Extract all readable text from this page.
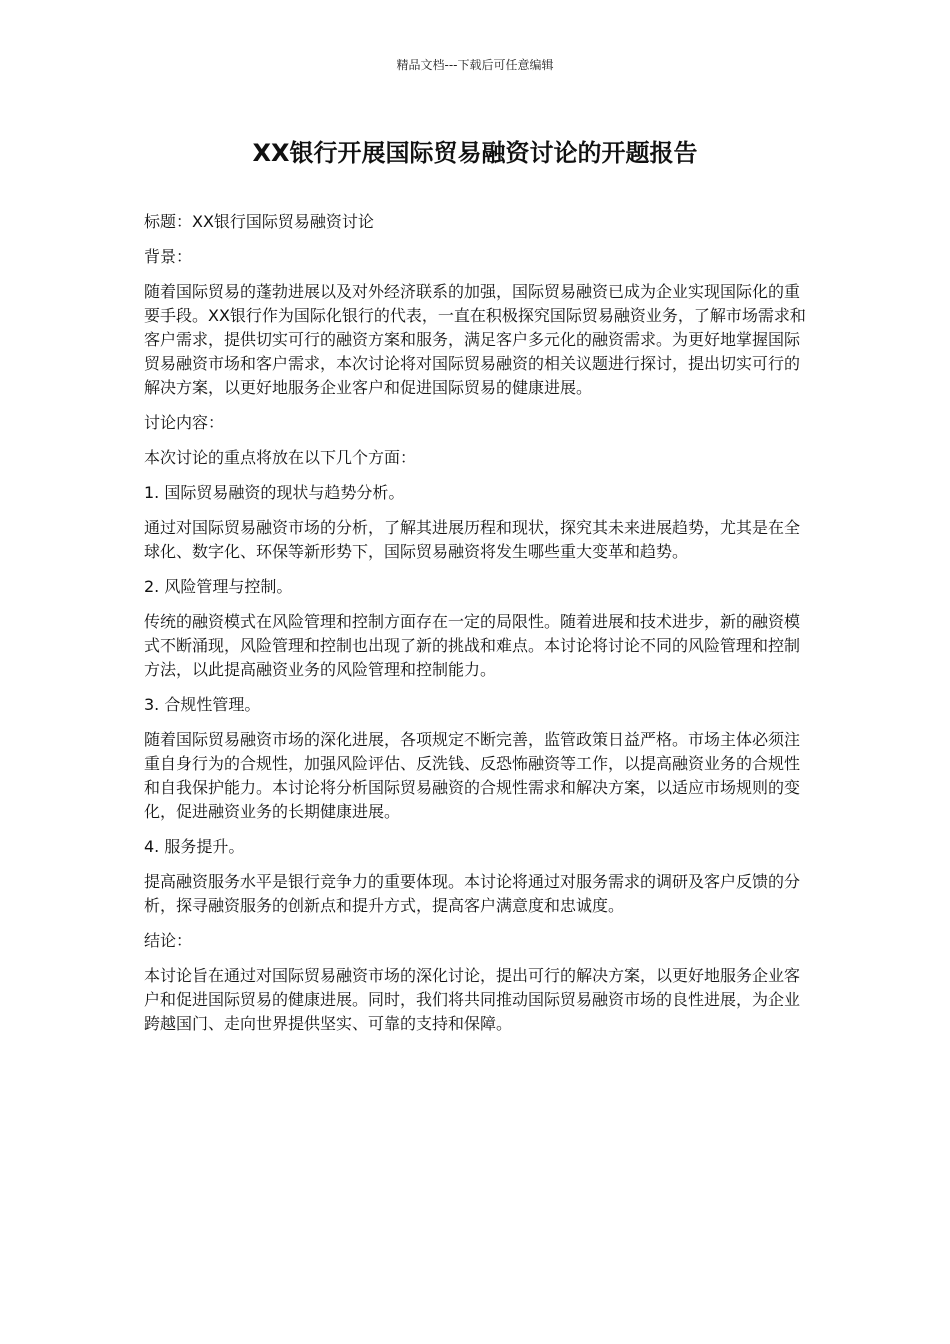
精品文档---下载后可任意编辑
XX银行开展国际贸易融资讨论的开题报告

标题：XX银行国际贸易融资讨论

背景：

随着国际贸易的蓬勃进展以及对外经济联系的加强，国际贸易融资已成为企业实现国际化的重要手段。XX银行作为国际化银行的代表，一直在积极探究国际贸易融资业务，了解市场需求和客户需求，提供切实可行的融资方案和服务，满足客户多元化的融资需求。为更好地掌握国际贸易融资市场和客户需求，本次讨论将对国际贸易融资的相关议题进行探讨，提出切实可行的解决方案，以更好地服务企业客户和促进国际贸易的健康进展。

讨论内容：

本次讨论的重点将放在以下几个方面：

1. 国际贸易融资的现状与趋势分析。

通过对国际贸易融资市场的分析，了解其进展历程和现状，探究其未来进展趋势，尤其是在全球化、数字化、环保等新形势下，国际贸易融资将发生哪些重大变革和趋势。

2. 风险管理与控制。

传统的融资模式在风险管理和控制方面存在一定的局限性。随着进展和技术进步，新的融资模式不断涌现，风险管理和控制也出现了新的挑战和难点。本讨论将讨论不同的风险管理和控制方法，以此提高融资业务的风险管理和控制能力。

3. 合规性管理。

随着国际贸易融资市场的深化进展，各项规定不断完善，监管政策日益严格。市场主体必须注重自身行为的合规性，加强风险评估、反洗钱、反恐怖融资等工作，以提高融资业务的合规性和自我保护能力。本讨论将分析国际贸易融资的合规性需求和解决方案，以适应市场规则的变化，促进融资业务的长期健康进展。

4. 服务提升。

提高融资服务水平是银行竞争力的重要体现。本讨论将通过对服务需求的调研及客户反馈的分析，探寻融资服务的创新点和提升方式，提高客户满意度和忠诚度。

结论：

本讨论旨在通过对国际贸易融资市场的深化讨论，提出可行的解决方案，以更好地服务企业客户和促进国际贸易的健康进展。同时，我们将共同推动国际贸易融资市场的良性进展，为企业跨越国门、走向世界提供坚实、可靠的支持和保障。
